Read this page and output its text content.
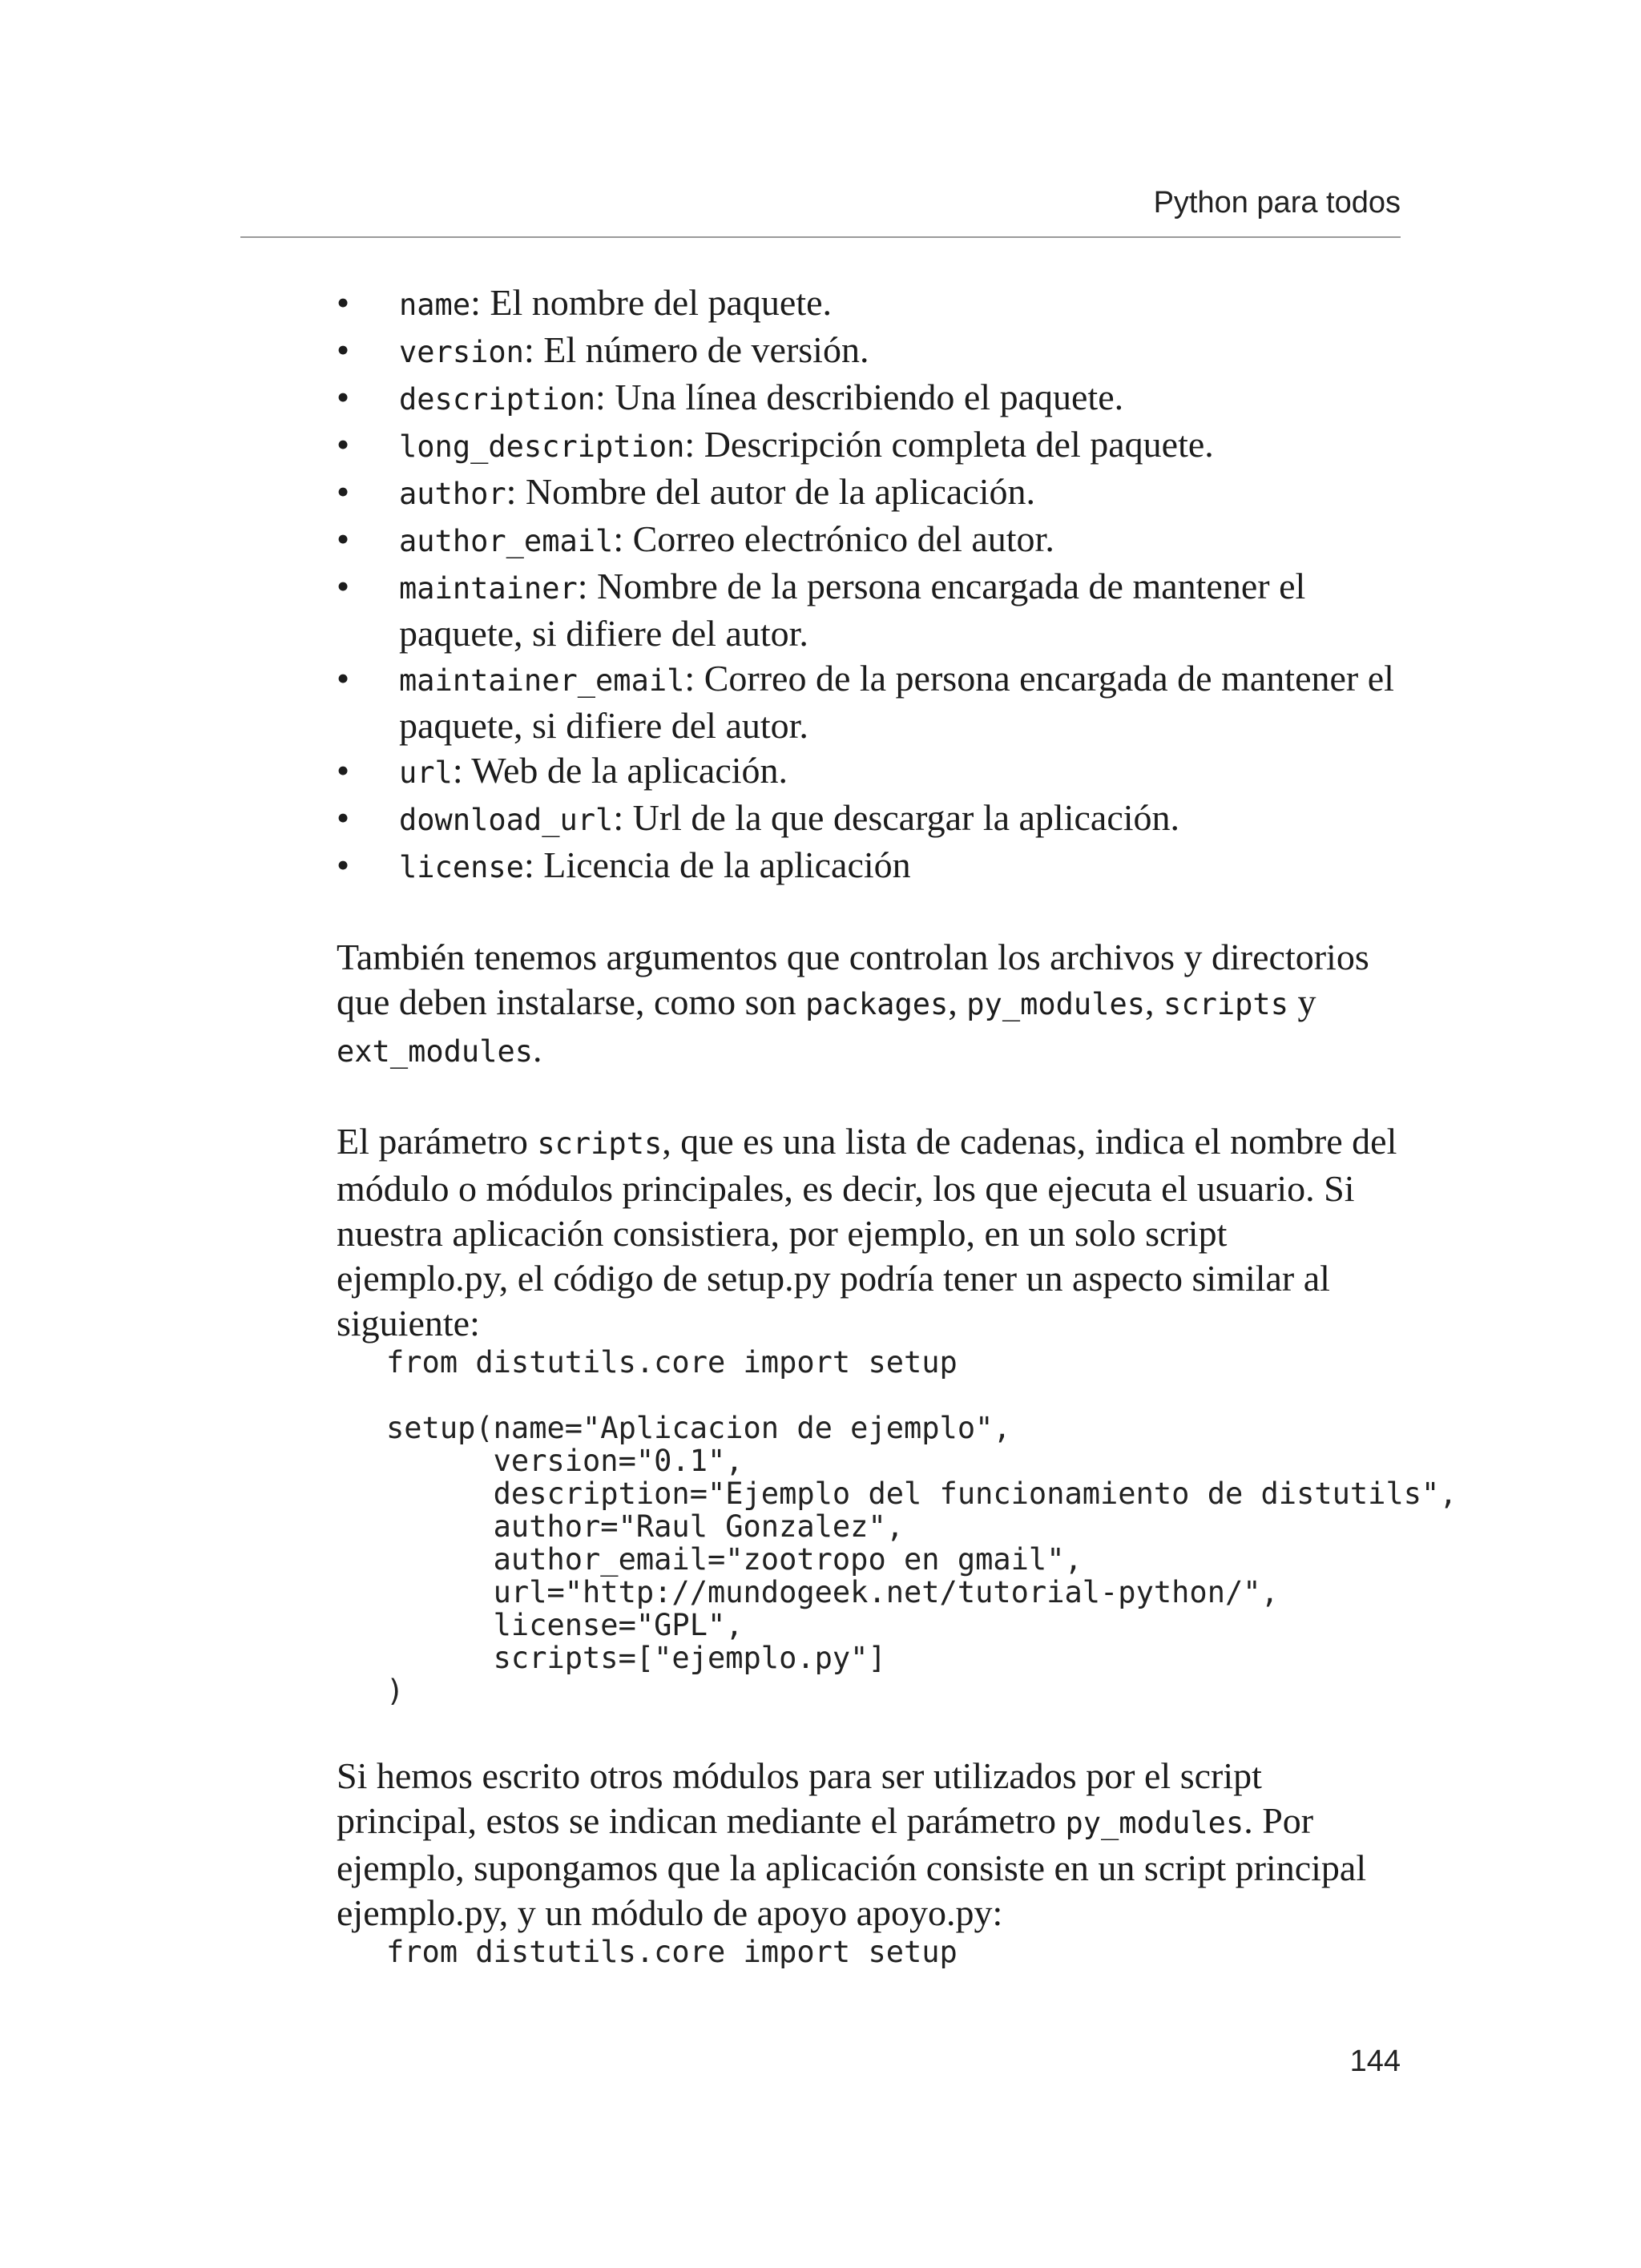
Python para todos
• name: El nombre del paquete.
• version: El número de versión.
• description: Una línea describiendo el paquete.
• long_description: Descripción completa del paquete.
• author: Nombre del autor de la aplicación.
• author_email: Correo electrónico del autor.
• maintainer: Nombre de la persona encargada de mantener el paquete, si difiere del autor.
• maintainer_email: Correo de la persona encargada de mantener el paquete, si difiere del autor.
• url: Web de la aplicación.
• download_url: Url de la que descargar la aplicación.
• license: Licencia de la aplicación

También tenemos argumentos que controlan los archivos y directorios que deben instalarse, como son packages, py_modules, scripts y ext_modules.

El parámetro scripts, que es una lista de cadenas, indica el nombre del módulo o módulos principales, es decir, los que ejecuta el usuario. Si nuestra aplicación consistiera, por ejemplo, en un solo script ejemplo.py, el código de setup.py podría tener un aspecto similar al siguiente:

from distutils.core import setup

setup(name="Aplicacion de ejemplo",
version="0.1",
description="Ejemplo del funcionamiento de distutils",
author="Raul Gonzalez",
author_email="zootropo en gmail",
url="http://mundogeek.net/tutorial-python/",
license="GPL",
scripts=["ejemplo.py"]
)

Si hemos escrito otros módulos para ser utilizados por el script principal, estos se indican mediante el parámetro py_modules. Por ejemplo, supongamos que la aplicación consiste en un script principal ejemplo.py, y un módulo de apoyo apoyo.py:

from distutils.core import setup
144
